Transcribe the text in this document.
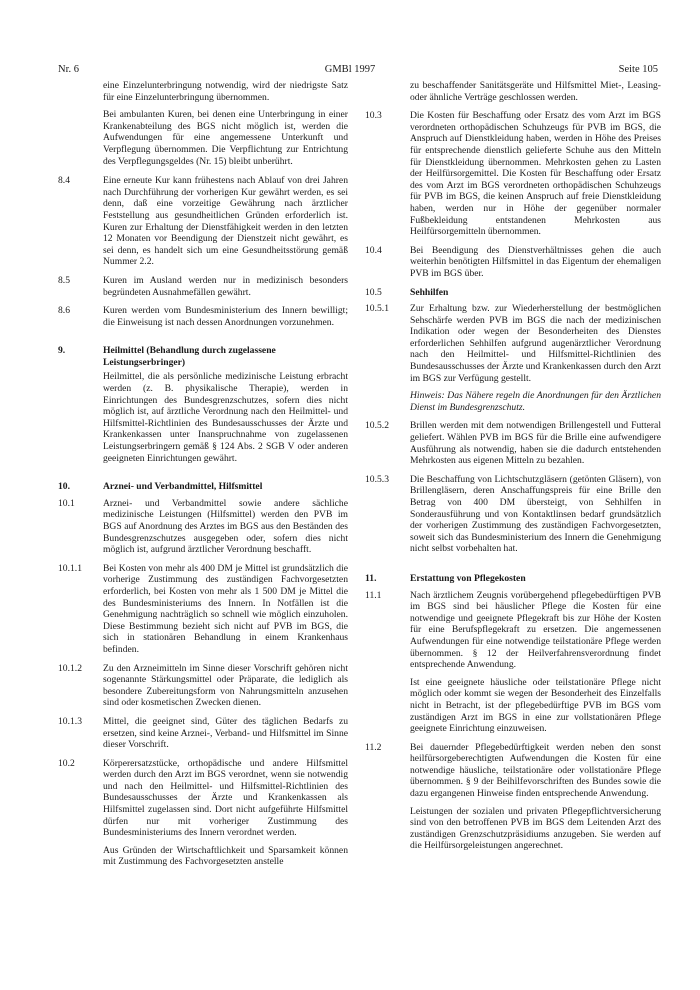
Nr. 6	GMBl 1997	Seite 105

eine Einzelunterbringung notwendig, wird der niedrigste Satz für eine Einzelunterbringung übernommen.

Bei ambulanten Kuren, bei denen eine Unterbringung in einer Krankenabteilung des BGS nicht möglich ist, werden die Aufwendungen für eine angemessene Unterkunft und Verpflegung übernommen. Die Verpflichtung zur Entrichtung des Verpflegungsgeldes (Nr. 15) bleibt unberührt.

8.4	Eine erneute Kur kann frühestens nach Ablauf von drei Jahren nach Durchführung der vorherigen Kur gewährt werden, es sei denn, daß eine vorzeitige Gewährung nach ärztlicher Feststellung aus gesundheitlichen Gründen erforderlich ist. Kuren zur Erhaltung der Dienstfähigkeit werden in den letzten 12 Monaten vor Beendigung der Dienstzeit nicht gewährt, es sei denn, es handelt sich um eine Gesundheitsstörung gemäß Nummer 2.2.

8.5	Kuren im Ausland werden nur in medizinisch besonders begründeten Ausnahmefällen gewährt.

8.6	Kuren werden vom Bundesministerium des Innern bewilligt; die Einweisung ist nach dessen Anordnungen vorzunehmen.

9.	Heilmittel (Behandlung durch zugelassene Leistungserbringer)

Heilmittel, die als persönliche medizinische Leistung erbracht werden (z. B. physikalische Therapie), werden in Einrichtungen des Bundesgrenzschutzes, sofern dies nicht möglich ist, auf ärztliche Verordnung nach den Heilmittel- und Hilfsmittel-Richtlinien des Bundesausschusses der Ärzte und Krankenkassen unter Inanspruchnahme von zugelassenen Leistungserbringern gemäß § 124 Abs. 2 SGB V oder anderen geeigneten Einrichtungen gewährt.

10.	Arznei- und Verbandmittel, Hilfsmittel

10.1	Arznei- und Verbandmittel sowie andere sächliche medizinische Leistungen (Hilfsmittel) werden den PVB im BGS auf Anordnung des Arztes im BGS aus den Beständen des Bundesgrenzschutzes ausgegeben oder, sofern dies nicht möglich ist, aufgrund ärztlicher Verordnung beschafft.

10.1.1	Bei Kosten von mehr als 400 DM je Mittel ist grundsätzlich die vorherige Zustimmung des zuständigen Fachvorgesetzten erforderlich, bei Kosten von mehr als 1 500 DM je Mittel die des Bundesministeriums des Innern. In Notfällen ist die Genehmigung nachträglich so schnell wie möglich einzuholen. Diese Bestimmung bezieht sich nicht auf PVB im BGS, die sich in stationären Behandlung in einem Krankenhaus befinden.

10.1.2	Zu den Arzneimitteln im Sinne dieser Vorschrift gehören nicht sogenannte Stärkungsmittel oder Präparate, die lediglich als besondere Zubereitungsform von Nahrungsmitteln anzusehen sind oder kosmetischen Zwecken dienen.

10.1.3	Mittel, die geeignet sind, Güter des täglichen Bedarfs zu ersetzen, sind keine Arznei-, Verband- und Hilfsmittel im Sinne dieser Vorschrift.

10.2	Körperersatzstücke, orthopädische und andere Hilfsmittel werden durch den Arzt im BGS verordnet, wenn sie notwendig und nach den Heilmittel- und Hilfsmittel-Richtlinien des Bundesausschusses der Ärzte und Krankenkassen als Hilfsmittel zugelassen sind. Dort nicht aufgeführte Hilfsmittel dürfen nur mit vorheriger Zustimmung des Bundesministeriums des Innern verordnet werden.

Aus Gründen der Wirtschaftlichkeit und Sparsamkeit können mit Zustimmung des Fachvorgesetzten anstelle

zu beschaffender Sanitätsgeräte und Hilfsmittel Miet-, Leasing- oder ähnliche Verträge geschlossen werden.

10.3	Die Kosten für Beschaffung oder Ersatz des vom Arzt im BGS verordneten orthopädischen Schuhzeugs für PVB im BGS, die Anspruch auf Dienstkleidung haben, werden in Höhe des Preises für entsprechende dienstlich gelieferte Schuhe aus den Mitteln für Dienstkleidung übernommen. Mehrkosten gehen zu Lasten der Heilfürsorgemittel. Die Kosten für Beschaffung oder Ersatz des vom Arzt im BGS verordneten orthopädischen Schuhzeugs für PVB im BGS, die keinen Anspruch auf freie Dienstkleidung haben, werden nur in Höhe der gegenüber normaler Fußbekleidung entstandenen Mehrkosten aus Heilfürsorgemitteln übernommen.

10.4	Bei Beendigung des Dienstverhältnisses gehen die auch weiterhin benötigten Hilfsmittel in das Eigentum der ehemaligen PVB im BGS über.

10.5	Sehhilfen

10.5.1	Zur Erhaltung bzw. zur Wiederherstellung der bestmöglichen Sehschärfe werden PVB im BGS die nach der medizinischen Indikation oder wegen der Besonderheiten des Dienstes erforderlichen Sehhilfen aufgrund augenärztlicher Verordnung nach den Heilmittel- und Hilfsmittel-Richtlinien des Bundesausschusses der Ärzte und Krankenkassen durch den Arzt im BGS zur Verfügung gestellt.

Hinweis: Das Nähere regeln die Anordnungen für den Ärztlichen Dienst im Bundesgrenzschutz.

10.5.2	Brillen werden mit dem notwendigen Brillengestell und Futteral geliefert. Wählen PVB im BGS für die Brille eine aufwendigere Ausführung als notwendig, haben sie die dadurch entstehenden Mehrkosten aus eigenen Mitteln zu bezahlen.

10.5.3	Die Beschaffung von Lichtschutzgläsern (getönten Gläsern), von Brillengläsern, deren Anschaffungspreis für eine Brille den Betrag von 400 DM übersteigt, von Sehhilfen in Sonderausführung und von Kontaktlinsen bedarf grundsätzlich der vorherigen Zustimmung des zuständigen Fachvorgesetzten, soweit sich das Bundesministerium des Innern die Genehmigung nicht selbst vorbehalten hat.

11.	Erstattung von Pflegekosten

11.1	Nach ärztlichem Zeugnis vorübergehend pflegebedürftigen PVB im BGS sind bei häuslicher Pflege die Kosten für eine notwendige und geeignete Pflegekraft bis zur Höhe der Kosten für eine Berufspflegekraft zu ersetzen. Die angemessenen Aufwendungen für eine notwendige teilstationäre Pflege werden übernommen. § 12 der Heilverfahrensverordnung findet entsprechende Anwendung.

Ist eine geeignete häusliche oder teilstationäre Pflege nicht möglich oder kommt sie wegen der Besonderheit des Einzelfalls nicht in Betracht, ist der pflegebedürftige PVB im BGS vom zuständigen Arzt im BGS in eine zur vollstationären Pflege geeignete Einrichtung einzuweisen.

11.2	Bei dauernder Pflegebedürftigkeit werden neben den sonst heilfürsorgeberechtigten Aufwendungen die Kosten für eine notwendige häusliche, teilstationäre oder vollstationäre Pflege übernommen. § 9 der Beihilfevorschriften des Bundes sowie die dazu ergangenen Hinweise finden entsprechende Anwendung.

Leistungen der sozialen und privaten Pflegepflichtversicherung sind von den betroffenen PVB im BGS dem Leitenden Arzt des zuständigen Grenzschutzpräsidiums anzugeben. Sie werden auf die Heilfürsorgeleistungen angerechnet.
